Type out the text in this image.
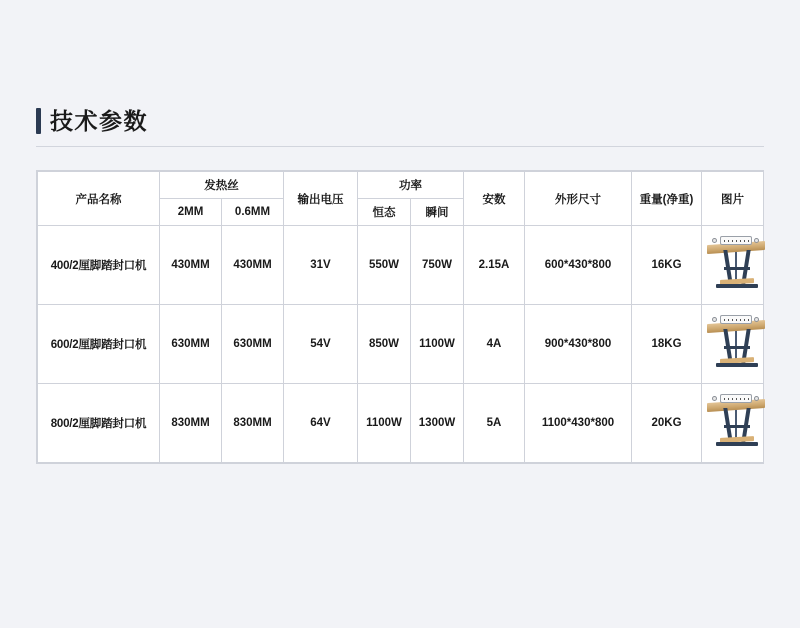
技术参数
产品名称	发热丝		输出电压	功率		安数	外形尺寸	重量(净重)	图片
	2MM	0.6MM		恒态	瞬间				
400/2厘脚踏封口机	430MM	430MM	31V	550W	750W	2.15A	600*430*800	16KG	

600/2厘脚踏封口机	630MM	630MM	54V	850W	1100W	4A	900*430*800	18KG	

800/2厘脚踏封口机	830MM	830MM	64V	1100W	1300W	5A	1100*430*800	20KG	
